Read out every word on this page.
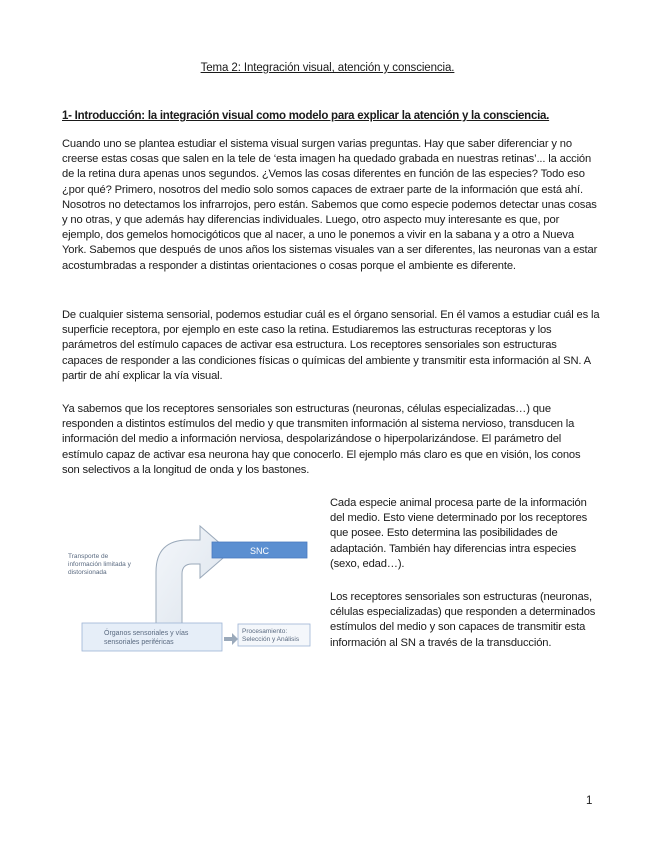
Tema 2: Integración visual, atención y consciencia.
1- Introducción: la integración visual como modelo para explicar la atención y la consciencia.

Cuando uno se plantea estudiar el sistema visual surgen varias preguntas. Hay que saber diferenciar y no creerse estas cosas que salen en la tele de ‘esta imagen ha quedado grabada en nuestras retinas’... la acción de la retina dura apenas unos segundos. ¿Vemos las cosas diferentes en función de las especies? Todo eso ¿por qué? Primero, nosotros del medio solo somos capaces de extraer parte de la información que está ahí. Nosotros no detectamos los infrarrojos, pero están. Sabemos que como especie podemos detectar unas cosas y no otras, y que además hay diferencias individuales. Luego, otro aspecto muy interesante es que, por ejemplo, dos gemelos homocigóticos que al nacer, a uno le ponemos a vivir en la sabana y a otro a Nueva York. Sabemos que después de unos años los sistemas visuales van a ser diferentes, las neuronas van a estar acostumbradas a responder a distintas orientaciones o cosas porque el ambiente es diferente.

De cualquier sistema sensorial, podemos estudiar cuál es el órgano sensorial. En él vamos a estudiar cuál es la superficie receptora, por ejemplo en este caso la retina. Estudiaremos las estructuras receptoras y los parámetros del estímulo capaces de activar esa estructura. Los receptores sensoriales son estructuras capaces de responder a las condiciones físicas o químicas del ambiente y transmitir esta información al SN. A partir de ahí explicar la vía visual.

Ya sabemos que los receptores sensoriales son estructuras (neuronas, células especializadas…) que responden a distintos estímulos del medio y que transmiten información al sistema nervioso, transducen la información del medio a información nerviosa, despolarizándose o hiperpolarizándose. El parámetro del estímulo capaz de activar esa neurona hay que conocerlo. El ejemplo más claro es que en visión, los conos son selectivos a la longitud de onda y los bastones.

SNC
Transporte de información limitada y distorsionada
Órganos sensoriales y vías sensoriales periféricas
Procesamiento: Selección y Análisis

Cada especie animal procesa parte de la información del medio. Esto viene determinado por los receptores que posee. Esto determina las posibilidades de adaptación. También hay diferencias intra especies (sexo, edad…).

Los receptores sensoriales son estructuras (neuronas, células especializadas) que responden a determinados estímulos del medio y son capaces de transmitir esta información al SN a través de la transducción.

1
